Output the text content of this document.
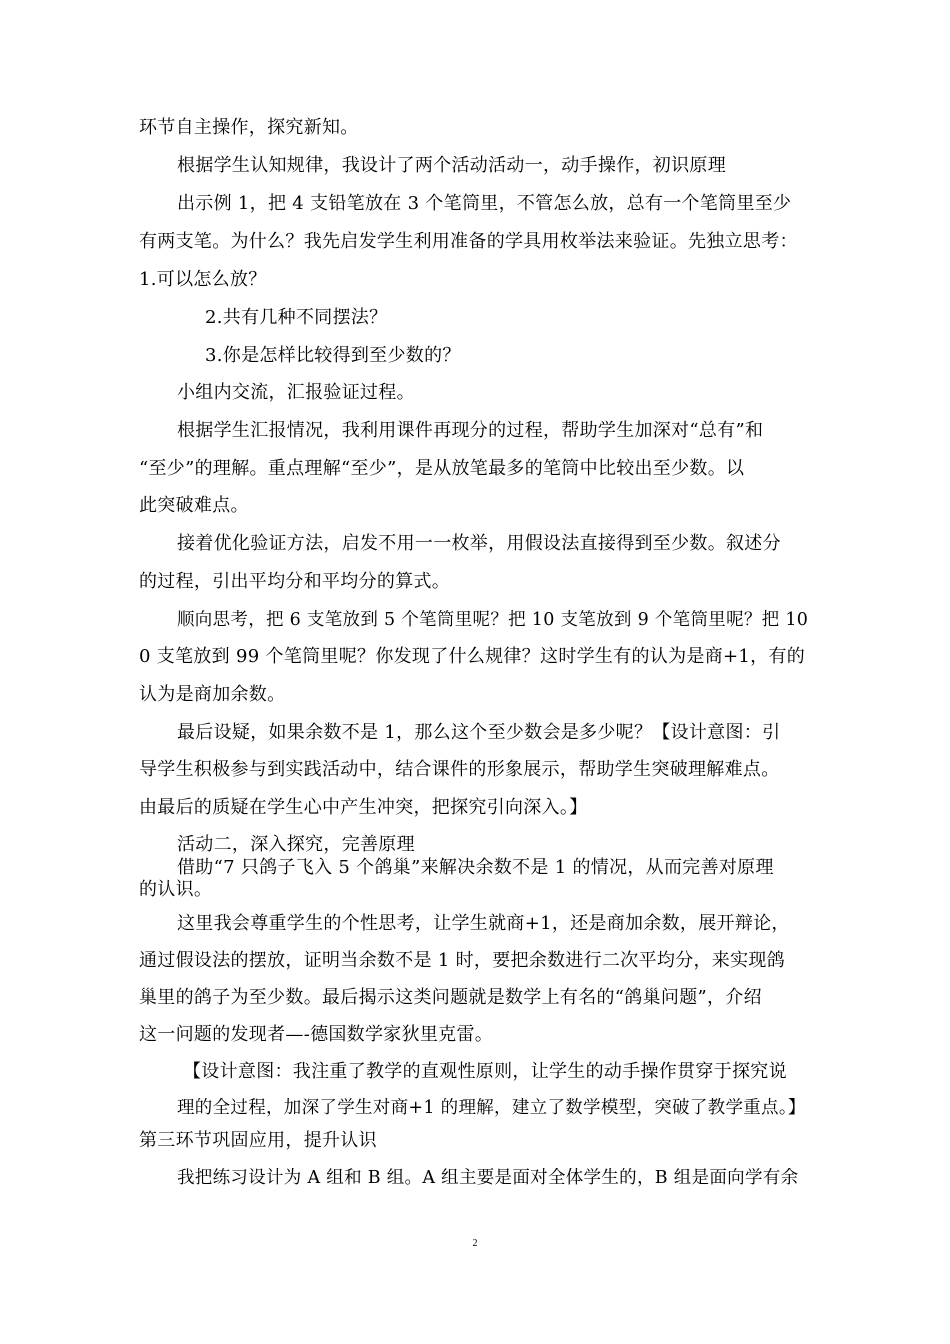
环节自主操作，探究新知。
根据学生认知规律，我设计了两个活动活动一，动手操作，初识原理
出示例 1，把 4 支铅笔放在 3 个笔筒里，不管怎么放，总有一个笔筒里至少
有两支笔。为什么？我先启发学生利用准备的学具用枚举法来验证。先独立思考：
1.可以怎么放？
2.共有几种不同摆法？
3.你是怎样比较得到至少数的？
小组内交流，汇报验证过程。
根据学生汇报情况，我利用课件再现分的过程，帮助学生加深对“总有”和
“至少”的理解。重点理解“至少”，是从放笔最多的笔筒中比较出至少数。以
此突破难点。
接着优化验证方法，启发不用一一枚举，用假设法直接得到至少数。叙述分
的过程，引出平均分和平均分的算式。
顺向思考，把 6 支笔放到 5 个笔筒里呢？把 10 支笔放到 9 个笔筒里呢？把 10
0 支笔放到 99 个笔筒里呢？你发现了什么规律？这时学生有的认为是商+1，有的
认为是商加余数。
最后设疑，如果余数不是 1，那么这个至少数会是多少呢？【设计意图：引
导学生积极参与到实践活动中，结合课件的形象展示，帮助学生突破理解难点。
由最后的质疑在学生心中产生冲突，把探究引向深入。】
活动二，深入探究，完善原理
借助“7 只鸽子飞入 5 个鸽巢”来解决余数不是 1 的情况，从而完善对原理
的认识。
这里我会尊重学生的个性思考，让学生就商+1，还是商加余数，展开辩论，
通过假设法的摆放，证明当余数不是 1 时，要把余数进行二次平均分，来实现鸽
巢里的鸽子为至少数。最后揭示这类问题就是数学上有名的“鸽巢问题”，介绍
这一问题的发现者—-德国数学家狄里克雷。
【设计意图：我注重了教学的直观性原则，让学生的动手操作贯穿于探究说
理的全过程，加深了学生对商+1 的理解，建立了数学模型，突破了教学重点。】
第三环节巩固应用，提升认识
我把练习设计为 A 组和 B 组。A 组主要是面对全体学生的，B 组是面向学有余
2
